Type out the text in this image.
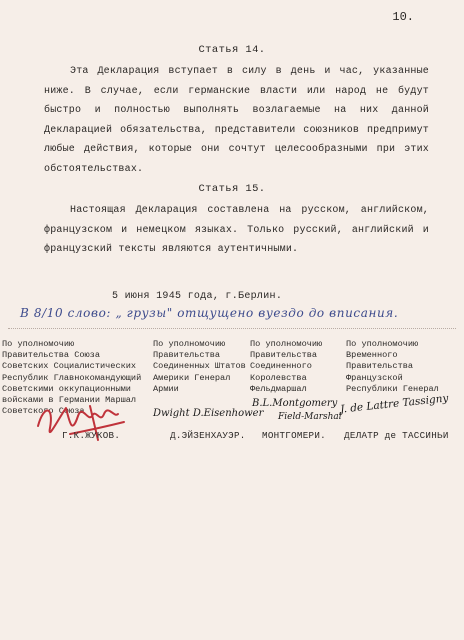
10.
Статья 14.
Эта Декларация вступает в силу в день и час, указанные ниже. В случае, если германские власти или народ не будут быстро и полностью выполнять возлагаемые на них данной Декларацией обязательства, представители союзников предпримут любые действия, которые они сочтут целесообразными при этих обстоятельствах.
Статья 15.
Настоящая Декларация составлена на русском, английском, французском и немецком языках. Только русский, английский и французский тексты являются аутентичными.
5 июня 1945 года, г.Берлин.
В 8/10 слово: „ грузы" отщущено вуездо до вписания.
По уполномочию Правительства Союза Советских Социалистических Республик Главнокомандующий Советскими оккупационными войсками в Германии Маршал Советского Союза
По уполномочию Правительства Соединенных Штатов Америки Генерал Армии
По уполномочию Правительства Соединенного Королевства Фельдмаршал
По уполномочию Временного Правительства Французской Республики Генерал
Dwight D.Eisenhower
B.L.Montgomery
Field-Marshal
J. de Lattre Tassigny
Г.К.ЖУКОВ.	Д.ЭЙЗЕНХАУЭР. МОНТГОМЕРИ. ДЕЛАТР де ТАССИНЬИ
